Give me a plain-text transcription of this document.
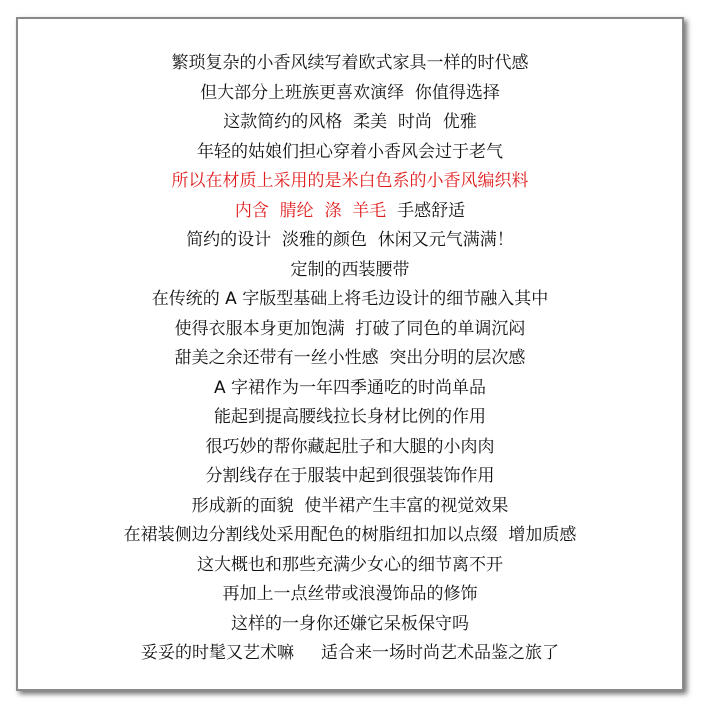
繁琐复杂的小香风续写着欧式家具一样的时代感
但大部分上班族更喜欢演绎  你值得选择
这款简约的风格  柔美  时尚  优雅
年轻的姑娘们担心穿着小香风会过于老气
所以在材质上采用的是米白色系的小香风编织料
内含  腈纶  涤  羊毛 手感舒适
简约的设计  淡雅的颜色  休闲又元气满满！
定制的西装腰带
在传统的 A 字版型基础上将毛边设计的细节融入其中
使得衣服本身更加饱满  打破了同色的单调沉闷
甜美之余还带有一丝小性感  突出分明的层次感
A 字裙作为一年四季通吃的时尚单品
能起到提高腰线拉长身材比例的作用
很巧妙的帮你藏起肚子和大腿的小肉肉
分割线存在于服装中起到很强装饰作用
形成新的面貌  使半裙产生丰富的视觉效果
在裙装侧边分割线处采用配色的树脂纽扣加以点缀  增加质感
这大概也和那些充满少女心的细节离不开
再加上一点丝带或浪漫饰品的修饰
这样的一身你还嫌它呆板保守吗
妥妥的时髦又艺术嘛     适合来一场时尚艺术品鉴之旅了
